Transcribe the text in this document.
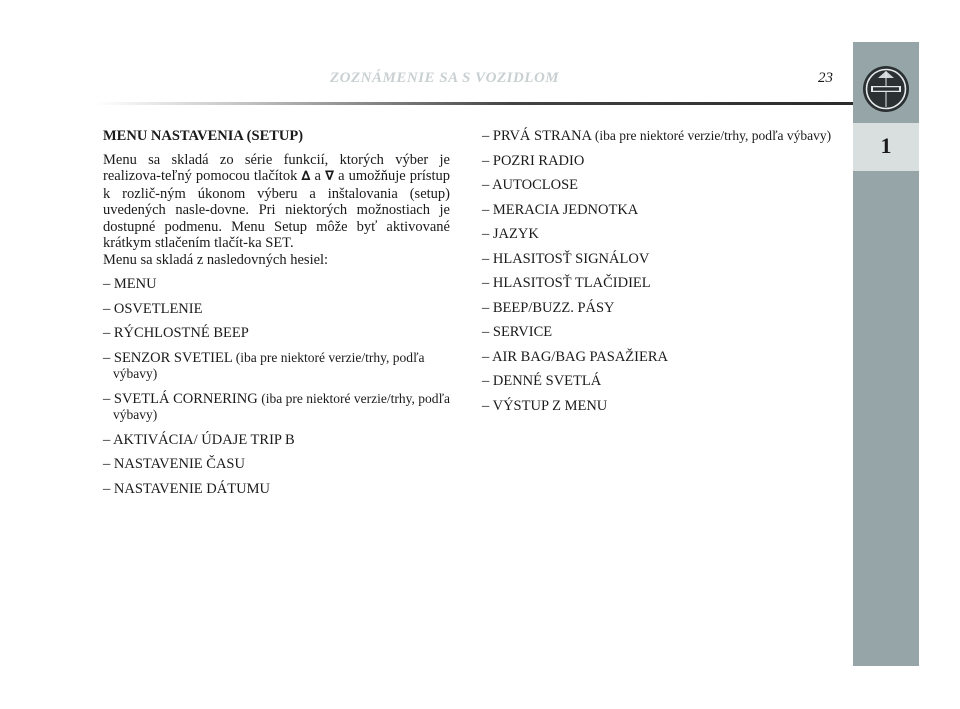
ZOZNÁMENIE SA S VOZIDLOM	23
1
MENU NASTAVENIA (SETUP)
Menu sa skladá zo série funkcií, ktorých výber je realizova-teľný pomocou tlačítok ∆ a ∇ a umožňuje prístup k rozlič-ným úkonom výberu a inštalovania (setup) uvedených nasle-dovne. Pri niektorých možnostiach je dostupné podmenu. Menu Setup môže byť aktivované krátkym stlačením tlačít-ka SET.
Menu sa skladá z nasledovných hesiel:
– MENU
– OSVETLENIE
– RÝCHLOSTNÉ BEEP
– SENZOR SVETIEL (iba pre niektoré verzie/trhy, podľa výbavy)
– SVETLÁ CORNERING (iba pre niektoré verzie/trhy, podľa výbavy)
– AKTIVÁCIA/ ÚDAJE TRIP B
– NASTAVENIE ČASU
– NASTAVENIE DÁTUMU
– PRVÁ STRANA (iba pre niektoré verzie/trhy, podľa výbavy)
– POZRI RADIO
– AUTOCLOSE
– MERACIA JEDNOTKA
– JAZYK
– HLASITOSŤ SIGNÁLOV
– HLASITOSŤ TLAČIDIEL
– BEEP/BUZZ. PÁSY
– SERVICE
– AIR BAG/BAG PASAŽIERA
– DENNÉ SVETLÁ
– VÝSTUP Z MENU
